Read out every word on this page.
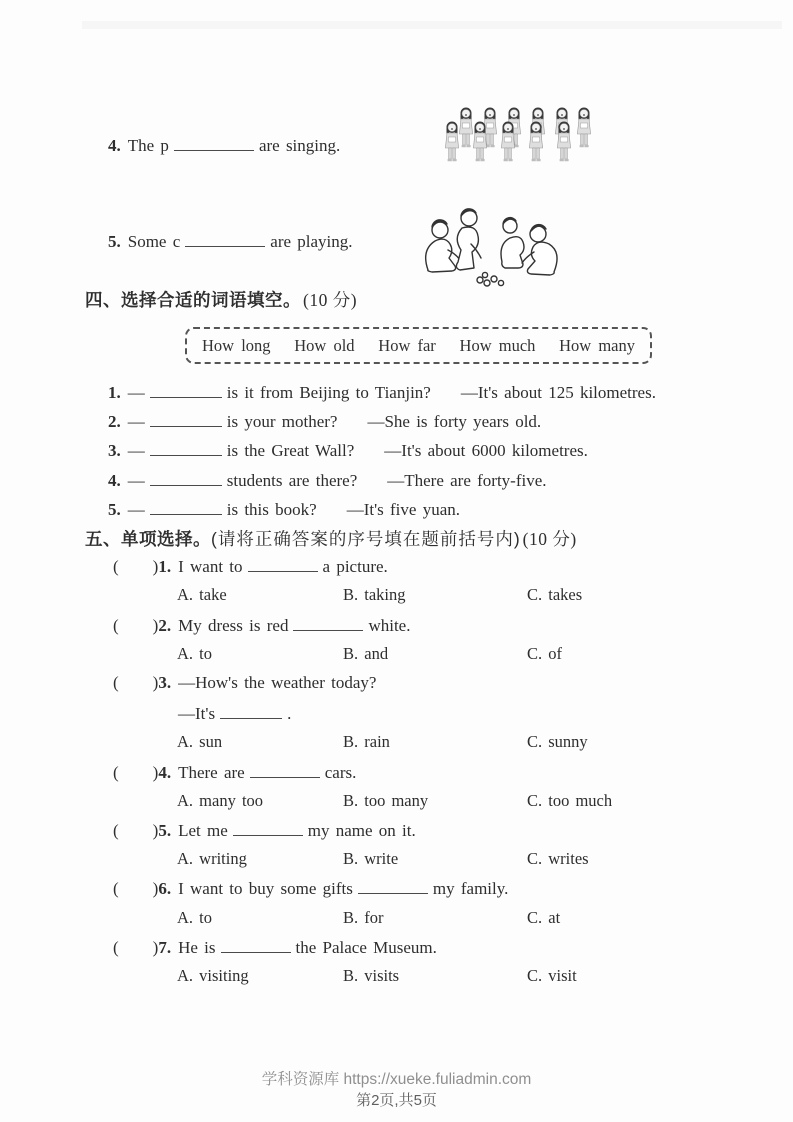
4. The p	are singing.
5. Some c	are playing.
四、选择合适的词语填空。 (10 分)
How long How old How far How much How many
1. —	is it from Beijing to Tianjin? —It's about 125 kilometres.
2. —	is your mother? —She is forty years old.
3. —	is the Great Wall? —It's about 6000 kilometres.
4. —	students are there? —There are forty-five.
5. —	is this book? —It's five yuan.
五、单项选择。(请将正确答案的序号填在题前括号内) (10 分)
( )1. I want to	a picture.
A. take	B. taking	C. takes
( )2. My dress is red	white.
A. to	B. and	C. of
( )3. —How's the weather today?
—It's	.
A. sun	B. rain	C. sunny
( )4. There are	cars.
A. many too	B. too many	C. too much
( )5. Let me	my name on it.
A. writing	B. write	C. writes
( )6. I want to buy some gifts	my family.
A. to	B. for	C. at
( )7. He is	the Palace Museum.
A. visiting	B. visits	C. visit
学科资源库 https://xueke.fuliadmin.com
第2页,共5页
